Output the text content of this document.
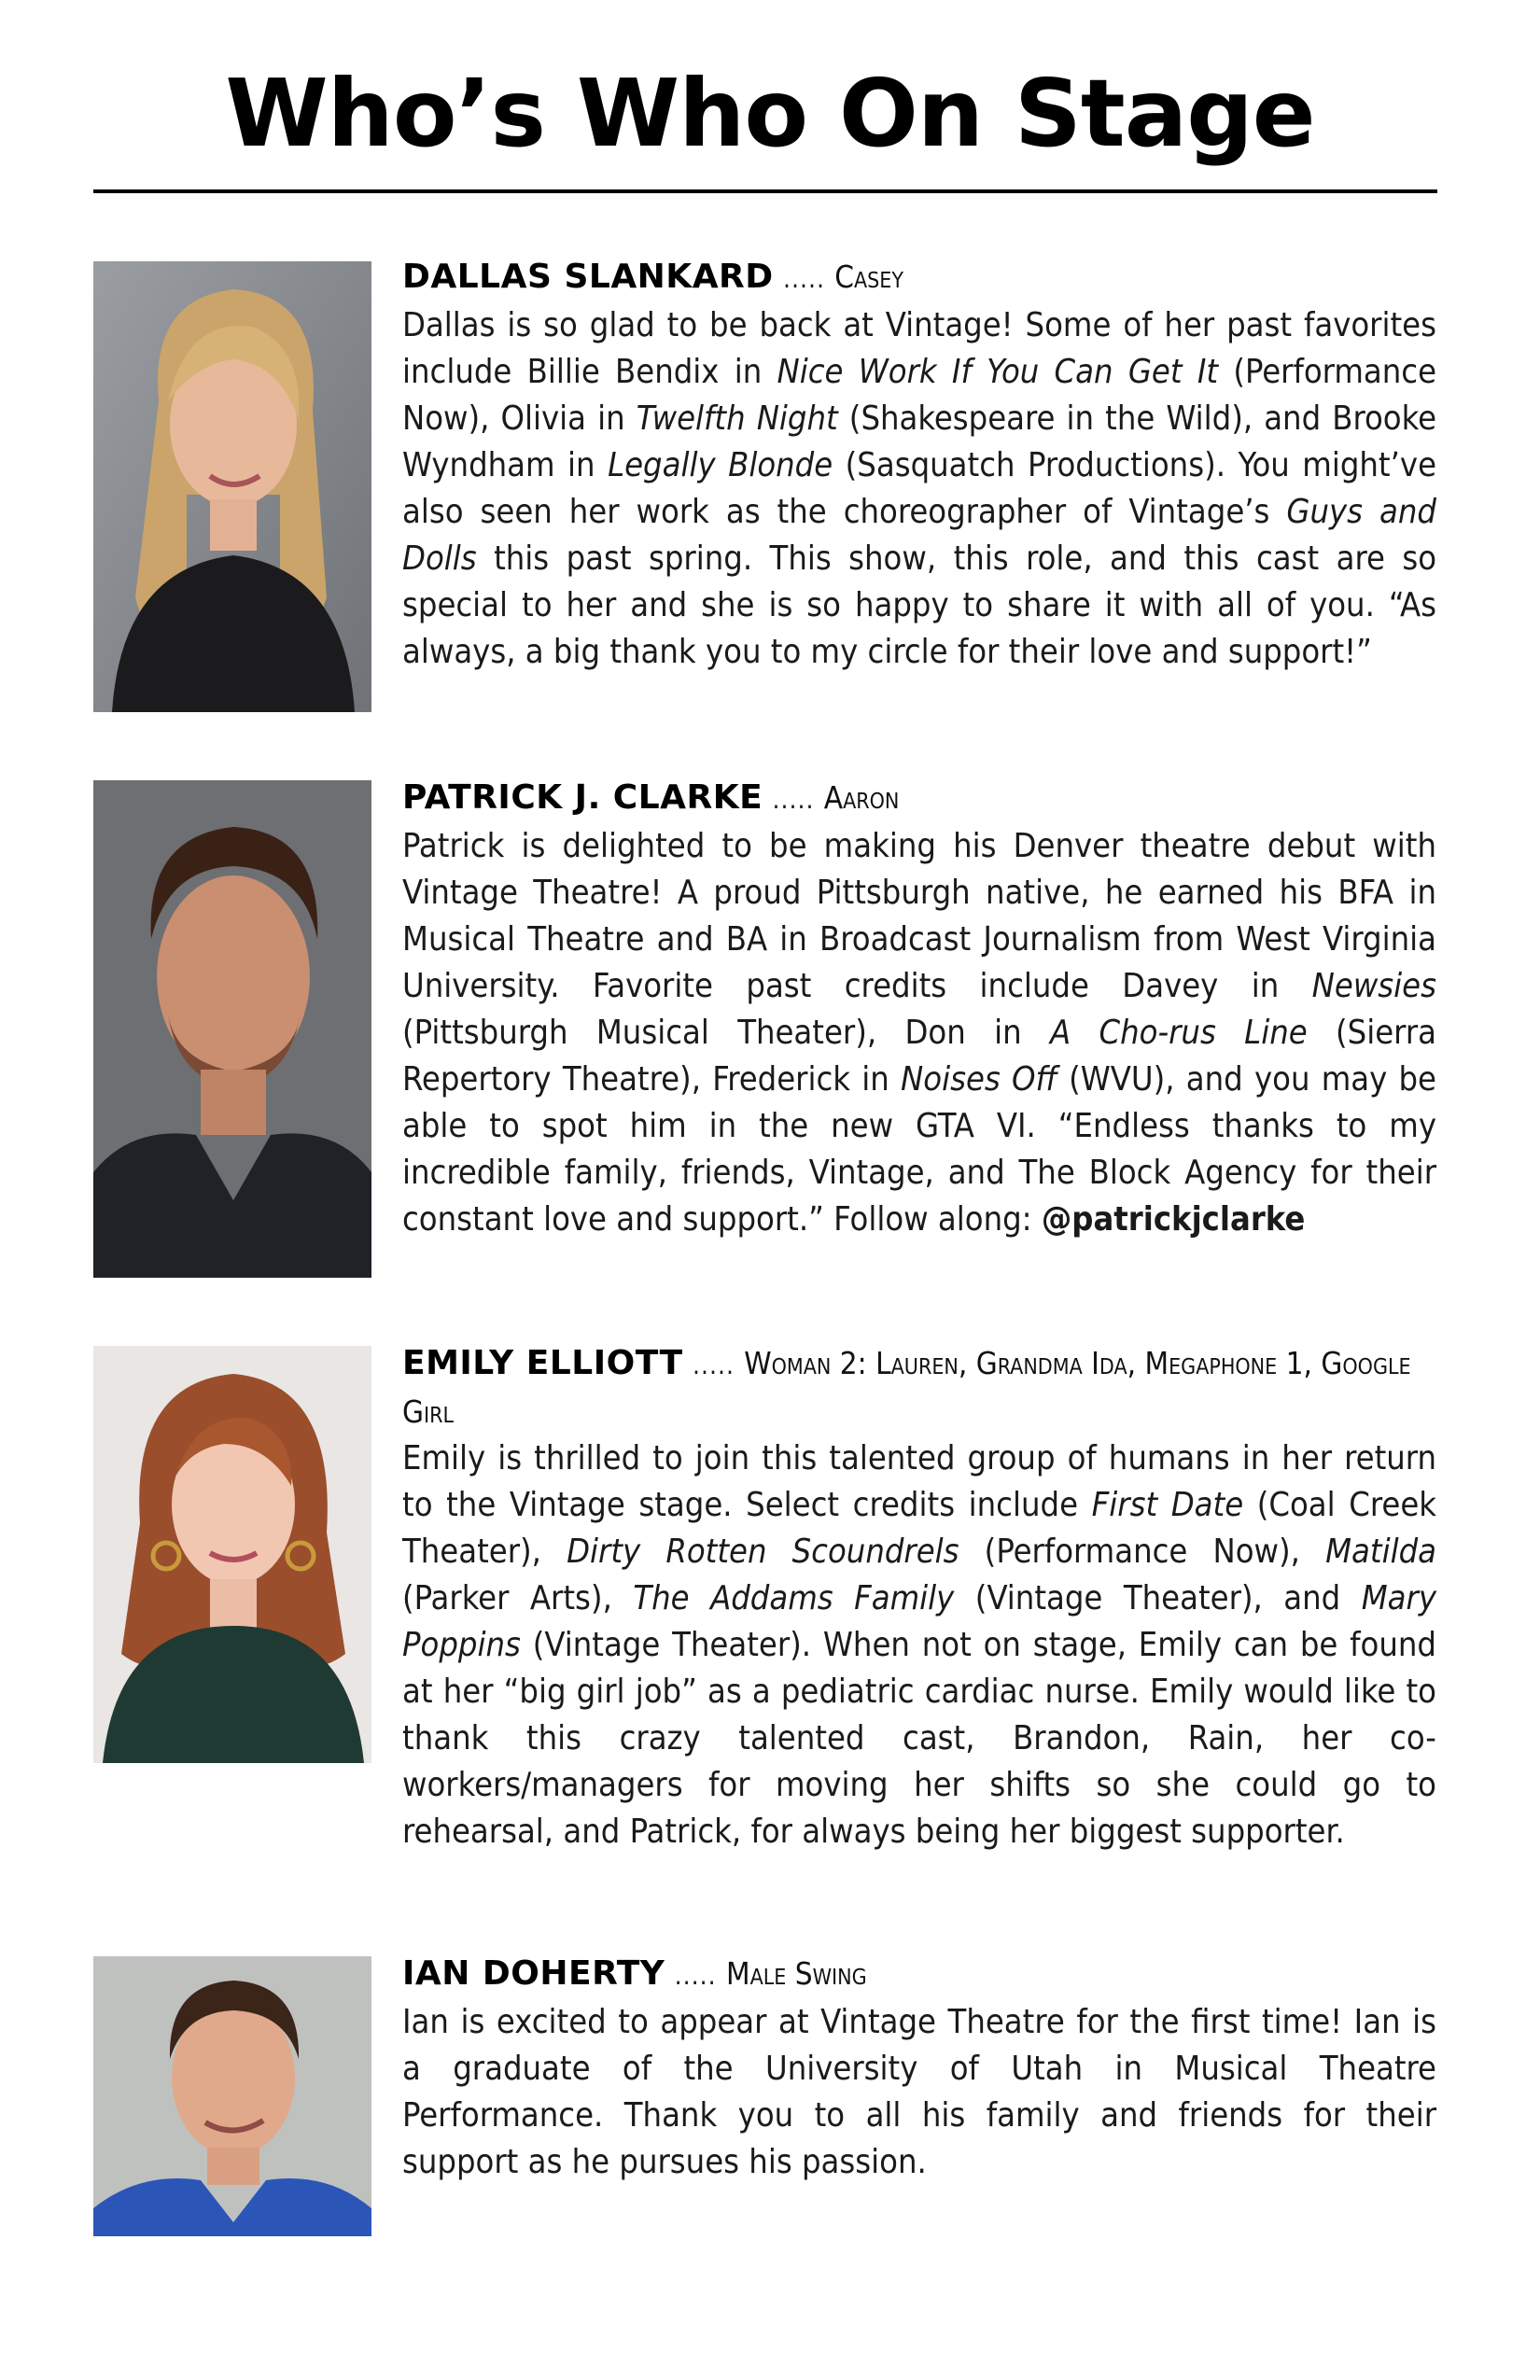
Who’s Who On Stage
DALLAS SLANKARD ..... Casey
Dallas is so glad to be back at Vintage! Some of her past favorites include Billie Bendix in Nice Work If You Can Get It (Performance Now), Olivia in Twelfth Night (Shakespeare in the Wild), and Brooke Wyndham in Legally Blonde (Sasquatch Productions). You might’ve also seen her work as the choreographer of Vintage’s Guys and Dolls this past spring. This show, this role, and this cast are so special to her and she is so happy to share it with all of you. “As always, a big thank you to my circle for their love and support!”
PATRICK J. CLARKE ..... Aaron
Patrick is delighted to be making his Denver theatre debut with Vintage Theatre! A proud Pittsburgh native, he earned his BFA in Musical Theatre and BA in Broadcast Journalism from West Virginia University. Favorite past credits include Davey in Newsies (Pittsburgh Musical Theater), Don in A Cho-rus Line (Sierra Repertory Theatre), Frederick in Noises Off (WVU), and you may be able to spot him in the new GTA VI. “Endless thanks to my incredible family, friends, Vintage, and The Block Agency for their constant love and support.” Follow along: @patrickjclarke
EMILY ELLIOTT ..... Woman 2: Lauren, Grandma Ida, Megaphone 1, Google Girl
Emily is thrilled to join this talented group of humans in her return to the Vintage stage. Select credits include First Date (Coal Creek Theater), Dirty Rotten Scoundrels (Performance Now), Matilda (Parker Arts), The Addams Family (Vintage Theater), and Mary Poppins (Vintage Theater). When not on stage, Emily can be found at her “big girl job” as a pediatric cardiac nurse. Emily would like to thank this crazy talented cast, Brandon, Rain, her co-workers/managers for moving her shifts so she could go to rehearsal, and Patrick, for always being her biggest supporter.
IAN DOHERTY ..... Male Swing
Ian is excited to appear at Vintage Theatre for the first time! Ian is a graduate of the University of Utah in Musical Theatre Performance. Thank you to all his family and friends for their support as he pursues his passion.
